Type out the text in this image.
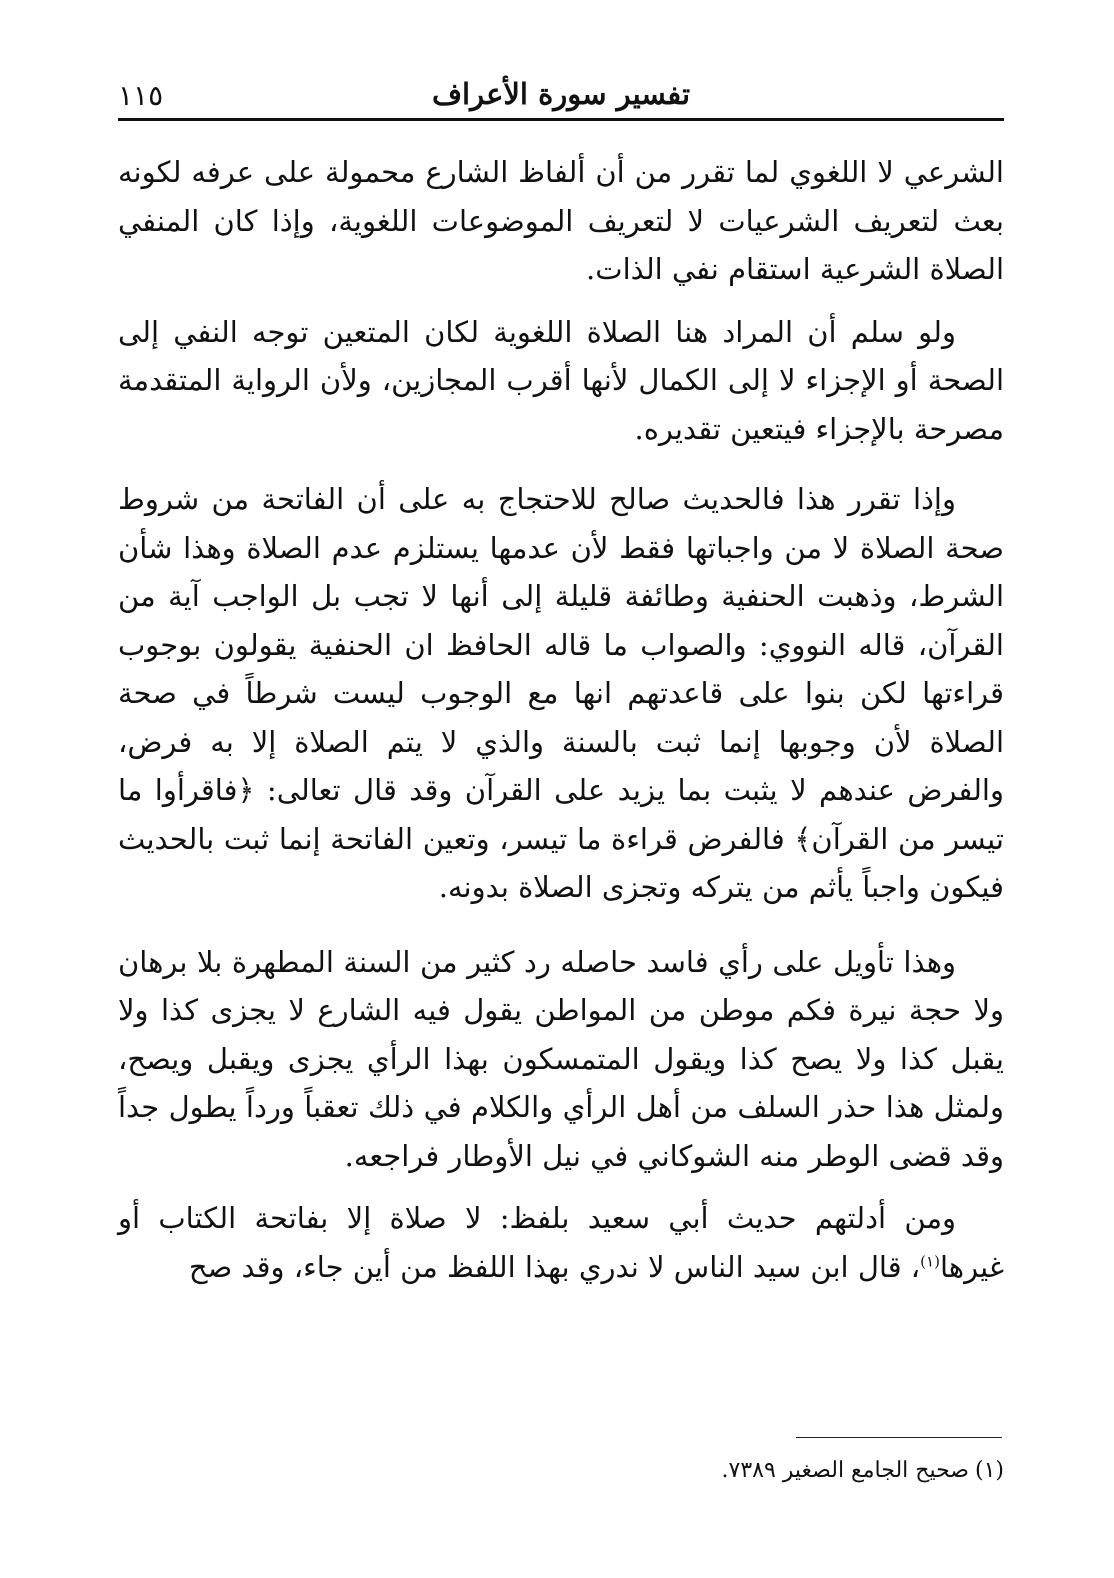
تفسير سورة الأعراف
١١٥

الشرعي لا اللغوي لما تقرر من أن ألفاظ الشارع محمولة على عرفه لكونه بعث لتعريف الشرعيات لا لتعريف الموضوعات اللغوية، وإذا كان المنفي الصلاة الشرعية استقام نفي الذات.

ولو سلم أن المراد هنا الصلاة اللغوية لكان المتعين توجه النفي إلى الصحة أو الإجزاء لا إلى الكمال لأنها أقرب المجازين، ولأن الرواية المتقدمة مصرحة بالإجزاء فيتعين تقديره.

وإذا تقرر هذا فالحديث صالح للاحتجاج به على أن الفاتحة من شروط صحة الصلاة لا من واجباتها فقط لأن عدمها يستلزم عدم الصلاة وهذا شأن الشرط، وذهبت الحنفية وطائفة قليلة إلى أنها لا تجب بل الواجب آية من القرآن، قاله النووي: والصواب ما قاله الحافظ ان الحنفية يقولون بوجوب قراءتها لكن بنوا على قاعدتهم انها مع الوجوب ليست شرطاً في صحة الصلاة لأن وجوبها إنما ثبت بالسنة والذي لا يتم الصلاة إلا به فرض، والفرض عندهم لا يثبت بما يزيد على القرآن وقد قال تعالى: ﴿فاقرأوا ما تيسر من القرآن﴾ فالفرض قراءة ما تيسر، وتعين الفاتحة إنما ثبت بالحديث فيكون واجباً يأثم من يتركه وتجزى الصلاة بدونه.

وهذا تأويل على رأي فاسد حاصله رد كثير من السنة المطهرة بلا برهان ولا حجة نيرة فكم موطن من المواطن يقول فيه الشارع لا يجزى كذا ولا يقبل كذا ولا يصح كذا ويقول المتمسكون بهذا الرأي يجزى ويقبل ويصح، ولمثل هذا حذر السلف من أهل الرأي والكلام في ذلك تعقباً ورداً يطول جداً وقد قضى الوطر منه الشوكاني في نيل الأوطار فراجعه.

ومن أدلتهم حديث أبي سعيد بلفظ: لا صلاة إلا بفاتحة الكتاب أو غيرها$^{(١)}$، قال ابن سيد الناس لا ندري بهذا اللفظ من أين جاء، وقد صح

(١)صحيح الجامع الصغير ٧٣٨٩.
